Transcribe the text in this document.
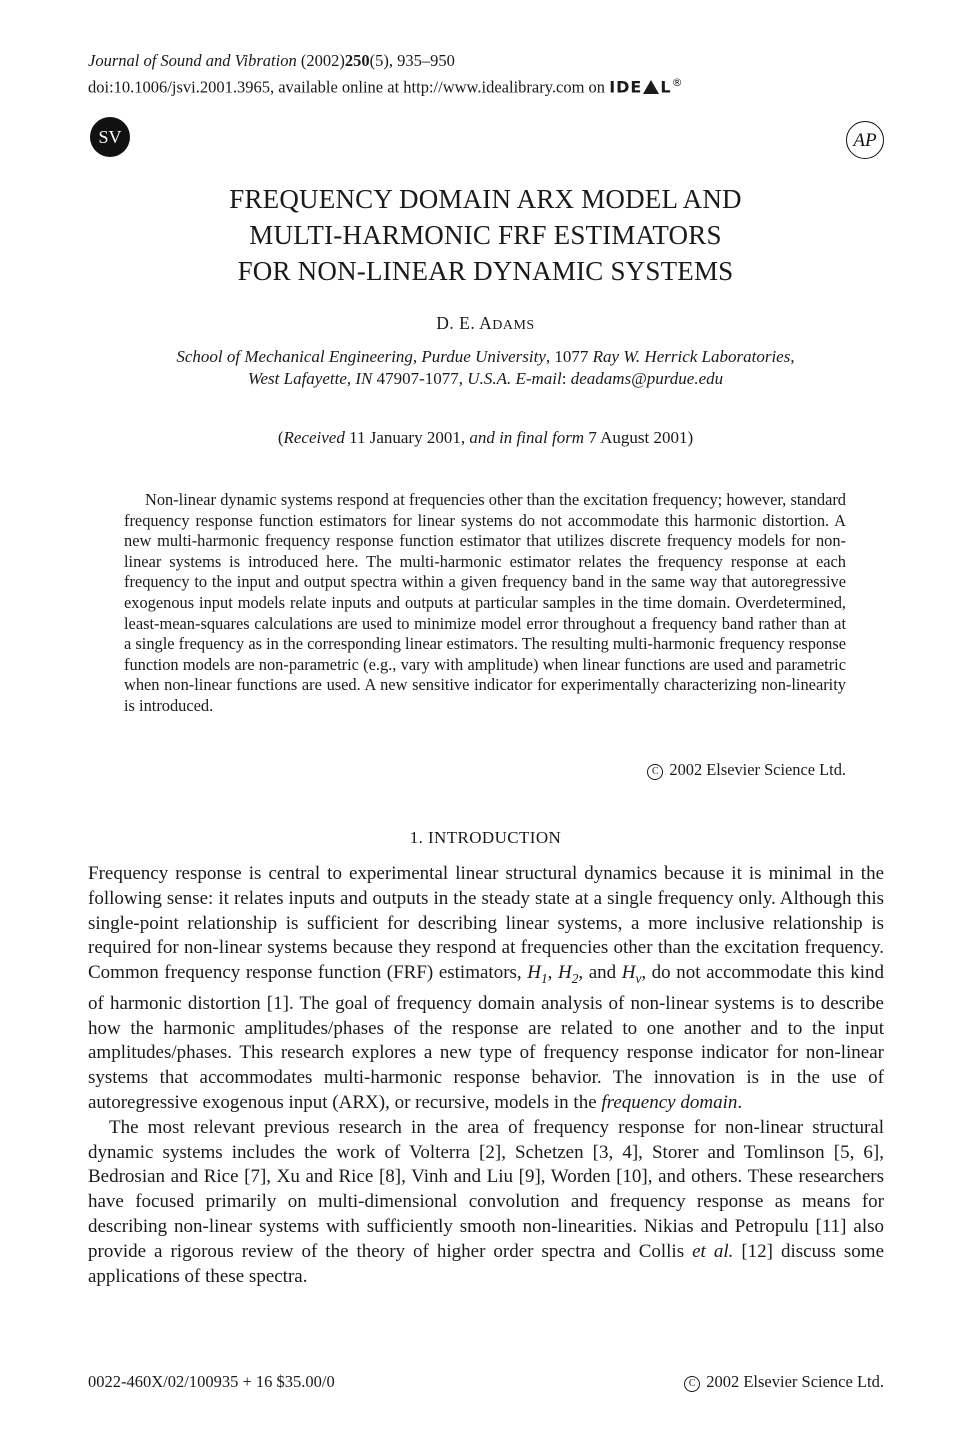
Journal of Sound and Vibration (2002)250(5), 935–950
doi:10.1006/jsvi.2001.3965, available online at http://www.idealibrary.com on IDE L®
SV	AP
FREQUENCY DOMAIN ARX MODEL AND
MULTI-HARMONIC FRF ESTIMATORS
FOR NON-LINEAR DYNAMIC SYSTEMS
D. E. ADAMS
School of Mechanical Engineering, Purdue University, 1077 Ray W. Herrick Laboratories,
West Lafayette, IN 47907-1077, U.S.A. E-mail: deadams@purdue.edu
(Received 11 January 2001, and in final form 7 August 2001)

Non-linear dynamic systems respond at frequencies other than the excitation frequency; however, standard frequency response function estimators for linear systems do not accommodate this harmonic distortion. A new multi-harmonic frequency response function estimator that utilizes discrete frequency models for non-linear systems is introduced here. The multi-harmonic estimator relates the frequency response at each frequency to the input and output spectra within a given frequency band in the same way that autoregressive exogenous input models relate inputs and outputs at particular samples in the time domain. Overdetermined, least-mean-squares calculations are used to minimize model error throughout a frequency band rather than at a single frequency as in the corresponding linear estimators. The resulting multi-harmonic frequency response function models are non-parametric (e.g., vary with amplitude) when linear functions are used and parametric when non-linear functions are used. A new sensitive indicator for experimentally characterizing non-linearity is introduced.

C 2002 Elsevier Science Ltd.
1. INTRODUCTION

Frequency response is central to experimental linear structural dynamics because it is minimal in the following sense: it relates inputs and outputs in the steady state at a single frequency only. Although this single-point relationship is sufficient for describing linear systems, a more inclusive relationship is required for non-linear systems because they respond at frequencies other than the excitation frequency. Common frequency response function (FRF) estimators, $H_1$, $H_2$, and $H_v$, do not accommodate this kind of harmonic distortion [1]. The goal of frequency domain analysis of non-linear systems is to describe how the harmonic amplitudes/phases of the response are related to one another and to the input amplitudes/phases. This research explores a new type of frequency response indicator for non-linear systems that accommodates multi-harmonic response behavior. The innovation is in the use of autoregressive exogenous input (ARX), or recursive, models in the frequency domain.

The most relevant previous research in the area of frequency response for non-linear structural dynamic systems includes the work of Volterra [2], Schetzen [3, 4], Storer and Tomlinson [5, 6], Bedrosian and Rice [7], Xu and Rice [8], Vinh and Liu [9], Worden [10], and others. These researchers have focused primarily on multi-dimensional convolution and frequency response as means for describing non-linear systems with sufficiently smooth non-linearities. Nikias and Petropulu [11] also provide a rigorous review of the theory of higher order spectra and Collis et al. [12] discuss some applications of these spectra.

0022-460X/02/100935 + 16 $35.00/0	C 2002 Elsevier Science Ltd.
